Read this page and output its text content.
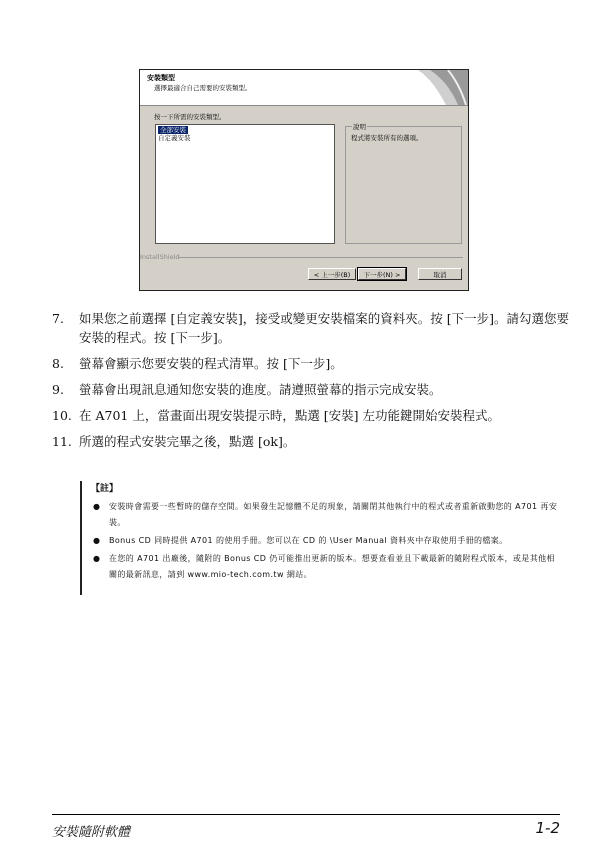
安裝類型
選擇最適合自己需要的安裝類型。
按一下所需的安裝類型。
全部安裝
自定義安裝
說明
程式將安裝所有的選項。
InstallShield
< 上一步(B)	下一步(N) >	取消
7. 如果您之前選擇 [自定義安裝]，接受或變更安裝檔案的資料夾。按 [下一步]。請勾選您要安裝的程式。按 [下一步]。
8. 螢幕會顯示您要安裝的程式清單。按 [下一步]。
9. 螢幕會出現訊息通知您安裝的進度。請遵照螢幕的指示完成安裝。
10. 在 A701 上，當畫面出現安裝提示時，點選 [安裝] 左功能鍵開始安裝程式。
11. 所選的程式安裝完畢之後，點選 [ok]。
【註】
● 安裝時會需要一些暫時的儲存空間。如果發生記憶體不足的現象，請關閉其他執行中的程式或者重新啟動您的 A701 再安裝。
● Bonus CD 同時提供 A701 的使用手冊。您可以在 CD 的 \User Manual 資料夾中存取使用手冊的檔案。
● 在您的 A701 出廠後，隨附的 Bonus CD 仍可能推出更新的版本。想要查看並且下載最新的隨附程式版本，或是其他相關的最新訊息，請到 www.mio-tech.com.tw 網站。
安裝隨附軟體	1-2
